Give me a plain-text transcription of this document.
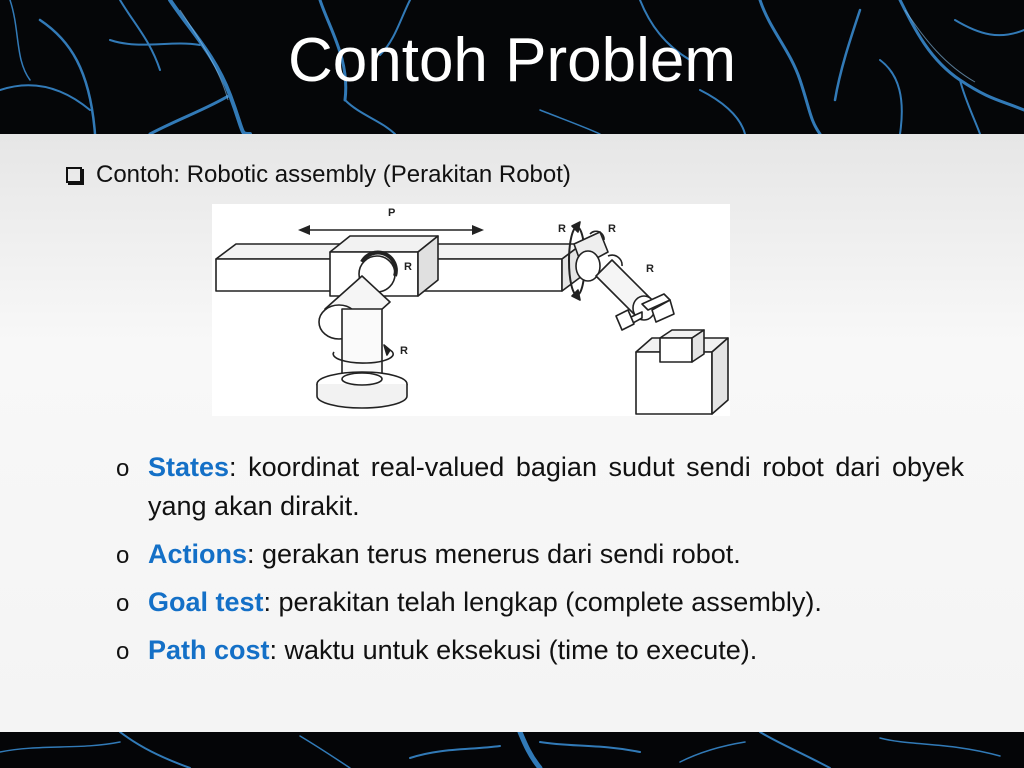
Contoh Problem
Contoh: Robotic assembly (Perakitan Robot)
P
R
R
R	R
R
o States: koordinat real-valued bagian sudut sendi robot dari obyek yang akan dirakit.
o Actions: gerakan terus menerus dari sendi robot.
o Goal test: perakitan telah lengkap (complete assembly).
o Path cost: waktu untuk eksekusi (time to execute).
